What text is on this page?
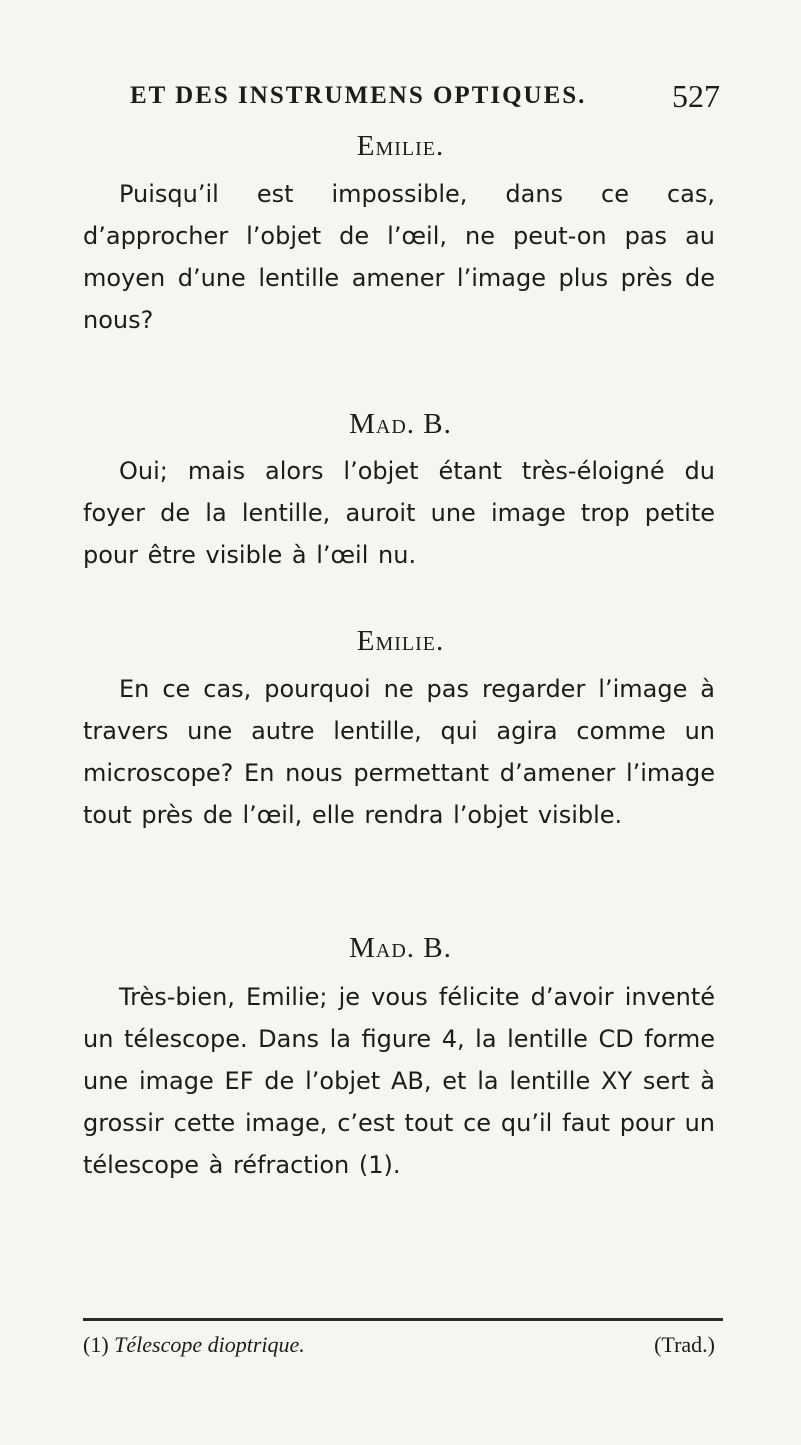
ET DES INSTRUMENS OPTIQUES.	527
Emilie.
Puisqu’il est impossible, dans ce cas, d’approcher l’objet de l’œil, ne peut-on pas au moyen d’une lentille amener l’image plus près de nous?
Mad. B.
Oui; mais alors l’objet étant très-éloigné du foyer de la lentille, auroit une image trop petite pour être visible à l’œil nu.
Emilie.
En ce cas, pourquoi ne pas regarder l’image à travers une autre lentille, qui agira comme un microscope? En nous permettant d’amener l’image tout près de l’œil, elle rendra l’objet visible.
Mad. B.
Très-bien, Emilie; je vous félicite d’avoir inventé un télescope. Dans la figure 4, la lentille CD forme une image EF de l’objet AB, et la lentille XY sert à grossir cette image, c’est tout ce qu’il faut pour un télescope à réfraction (1).
(1) Télescope dioptrique.	(Trad.)
